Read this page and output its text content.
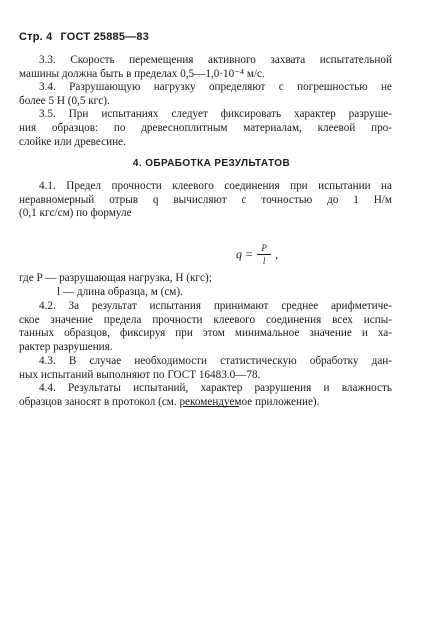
Стр. 4 ГОСТ 25885—83
3.3. Скорость перемещения активного захвата испытательной
машины должна быть в пределах 0,5—1,0·10⁻⁴ м/с.
3.4. Разрушающую нагрузку определяют с погрешностью не
более 5 Н (0,5 кгс).
3.5. При испытаниях следует фиксировать характер разруше-
ния образцов: по древесноплитным материалам, клеевой про-
слойке или древесине.
4. ОБРАБОТКА РЕЗУЛЬТАТОВ
4.1. Предел прочности клеевого соединения при испытании на
неравномерный отрыв q вычисляют с точностью до 1 Н/м
(0,1 кгс/см) по формуле
$q = \frac{P}{l}$ ,
где P — разрушающая нагрузка, Н (кгс);
l — длина образца, м (см).
4.2. За результат испытания принимают среднее арифметиче-
ское значение предела прочности клеевого соединения всех испы-
танных образцов, фиксируя при этом минимальное значение и ха-
рактер разрушения.
4.3. В случае необходимости статистическую обработку дан-
ных испытаний выполняют по ГОСТ 16483.0—78.
4.4. Результаты испытаний, характер разрушения и влажность
образцов заносят в протокол (см. рекомендуемое приложение).
